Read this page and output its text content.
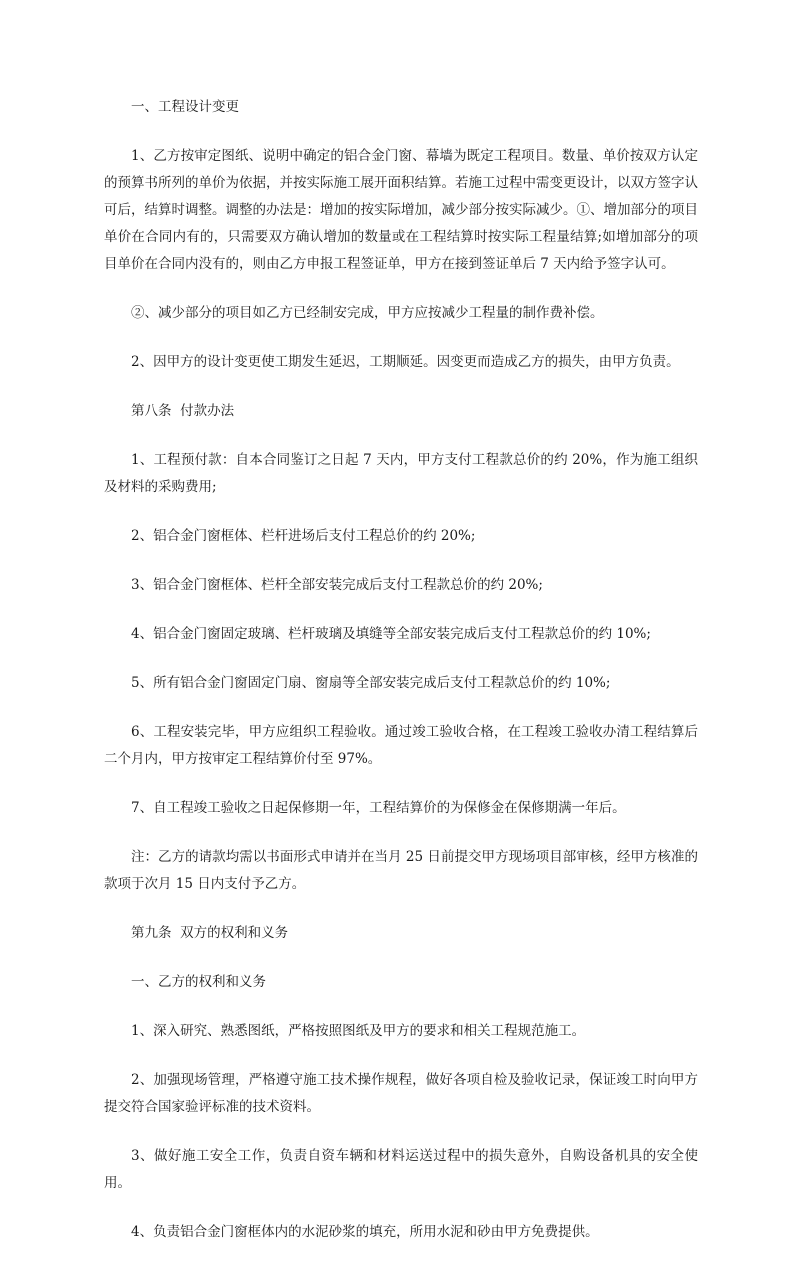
一、工程设计变更

1、乙方按审定图纸、说明中确定的铝合金门窗、幕墙为既定工程项目。数量、单价按双方认定的预算书所列的单价为依据，并按实际施工展开面积结算。若施工过程中需变更设计，以双方签字认可后，结算时调整。调整的办法是：增加的按实际增加，减少部分按实际减少。①、增加部分的项目单价在合同内有的，只需要双方确认增加的数量或在工程结算时按实际工程量结算;如增加部分的项目单价在合同内没有的，则由乙方申报工程签证单，甲方在接到签证单后 7 天内给予签字认可。

②、减少部分的项目如乙方已经制安完成，甲方应按减少工程量的制作费补偿。

2、因甲方的设计变更使工期发生延迟，工期顺延。因变更而造成乙方的损失，由甲方负责。

第八条  付款办法

1、工程预付款：自本合同鉴订之日起 7 天内，甲方支付工程款总价的约 20%，作为施工组织及材料的采购费用;

2、铝合金门窗框体、栏杆进场后支付工程总价的约 20%;

3、铝合金门窗框体、栏杆全部安装完成后支付工程款总价的约 20%;

4、铝合金门窗固定玻璃、栏杆玻璃及填缝等全部安装完成后支付工程款总价的约 10%;

5、所有铝合金门窗固定门扇、窗扇等全部安装完成后支付工程款总价的约 10%;

6、工程安装完毕，甲方应组织工程验收。通过竣工验收合格，在工程竣工验收办清工程结算后二个月内，甲方按审定工程结算价付至 97%。

7、自工程竣工验收之日起保修期一年，工程结算价的为保修金在保修期满一年后。

注：乙方的请款均需以书面形式申请并在当月 25 日前提交甲方现场项目部审核，经甲方核准的款项于次月 15 日内支付予乙方。

第九条  双方的权利和义务

一、乙方的权利和义务

1、深入研究、熟悉图纸，严格按照图纸及甲方的要求和相关工程规范施工。

2、加强现场管理，严格遵守施工技术操作规程，做好各项自检及验收记录，保证竣工时向甲方提交符合国家验评标准的技术资料。

3、做好施工安全工作，负责自资车辆和材料运送过程中的损失意外，自购设备机具的安全使用。

4、负责铝合金门窗框体内的水泥砂浆的填充，所用水泥和砂由甲方免费提供。
